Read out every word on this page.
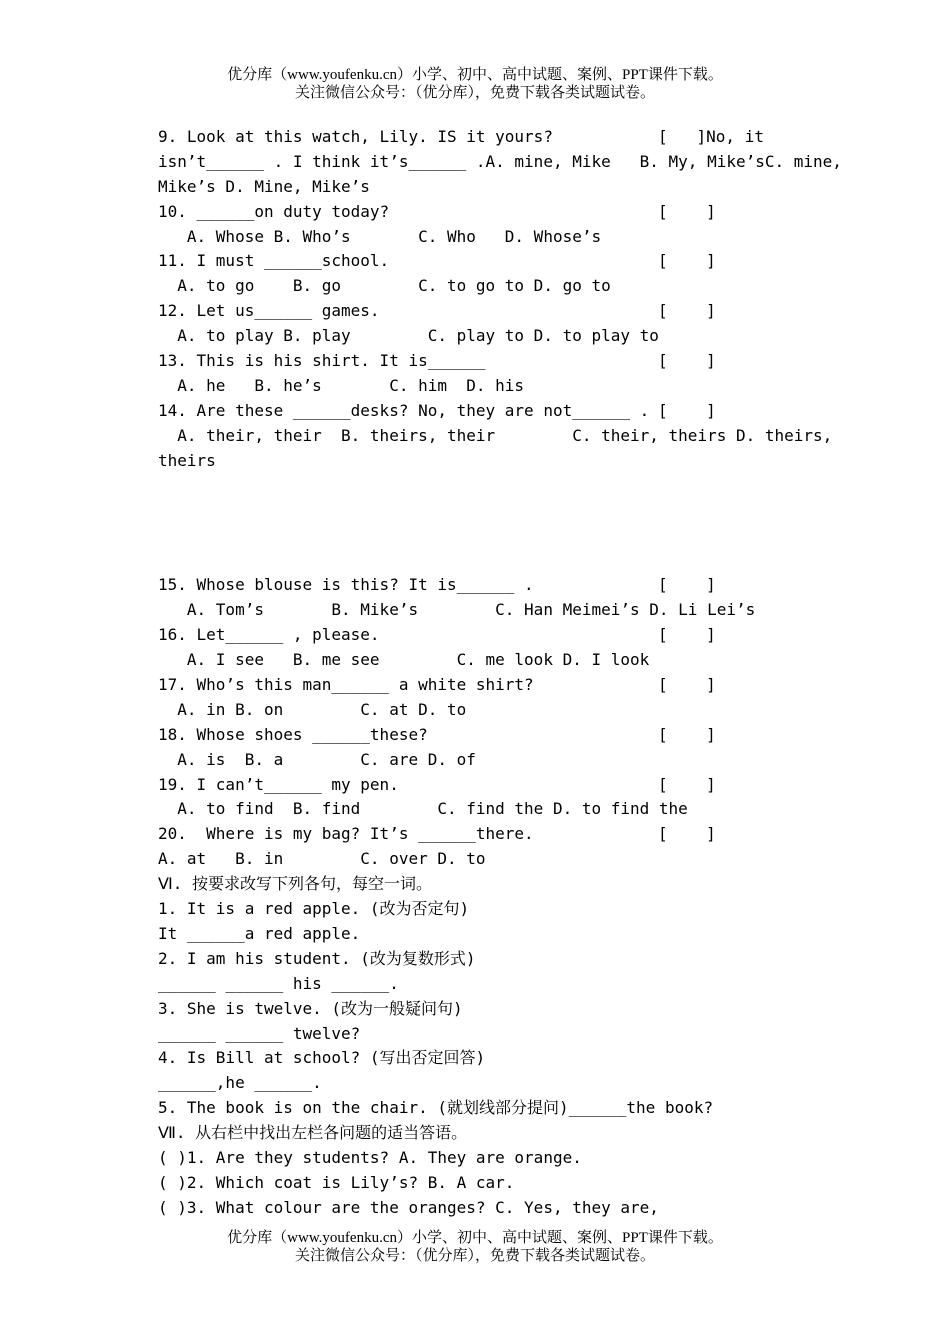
优分库（www.youfenku.cn）小学、初中、高中试题、案例、PPT课件下载。
关注微信公众号：（优分库），免费下载各类试题试卷。
9. Look at this watch, Lily. IS it yours?	[   ]No, it
isn’t______ . I think it’s______ .A. mine, Mike   B. My, Mike’sC. mine,
Mike’s D. Mine, Mike’s
10. ______on duty today?	[    ]
A. Whose B. Who’s       C. Who   D. Whose’s
11. I must ______school.	[    ]
A. to go    B. go        C. to go to D. go to
12. Let us______ games.	[    ]
A. to play B. play        C. play to D. to play to
13. This is his shirt. It is______	[    ]
A. he   B. he’s       C. him  D. his
14. Are these ______desks? No, they are not______ . [    ]
A. their, their  B. theirs, their        C. their, theirs D. theirs,
theirs
15. Whose blouse is this? It is______ .	[    ]
A. Tom’s       B. Mike’s        C. Han Meimei’s D. Li Lei’s
16. Let______ , please.	[    ]
A. I see   B. me see        C. me look D. I look
17. Who’s this man______ a white shirt?	[    ]
A. in B. on        C. at D. to
18. Whose shoes ______these?	[    ]
A. is  B. a        C. are D. of
19. I can’t______ my pen.	[    ]
A. to find  B. find        C. find the D. to find the
20.  Where is my bag? It’s ______there.	[    ]
A. at   B. in        C. over D. to
Ⅵ. 按要求改写下列各句，每空一词。
1. It is a red apple. (改为否定句)
It ______a red apple.
2. I am his student. (改为复数形式)
______ ______ his ______.
3. She is twelve. (改为一般疑问句)
______ ______ twelve?
4. Is Bill at school? (写出否定回答)
______,he ______.
5. The book is on the chair. (就划线部分提问)______the book?
Ⅶ. 从右栏中找出左栏各问题的适当答语。
( )1. Are they students? A. They are orange.
( )2. Which coat is Lily’s? B. A car.
( )3. What colour are the oranges? C. Yes, they are,
优分库（www.youfenku.cn）小学、初中、高中试题、案例、PPT课件下载。
关注微信公众号：（优分库），免费下载各类试题试卷。
